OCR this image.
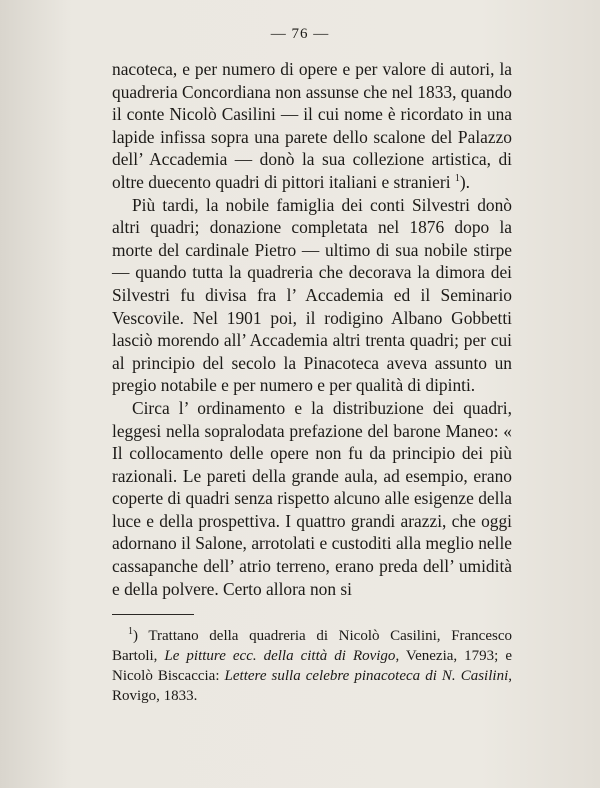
— 76 —

nacoteca, e per numero di opere e per valore di autori, la quadreria Concordiana non assunse che nel 1833, quando il conte Nicolò Casilini — il cui nome è ricordato in una lapide infissa sopra una parete dello scalone del Palazzo dell’ Accademia — donò la sua collezione artistica, di oltre duecento quadri di pittori italiani e stranieri $^1$).

Più tardi, la nobile famiglia dei conti Silvestri donò altri quadri; donazione completata nel 1876 dopo la morte del cardinale Pietro — ultimo di sua nobile stirpe — quando tutta la quadreria che decorava la dimora dei Silvestri fu divisa fra l’ Accademia ed il Seminario Vescovile. Nel 1901 poi, il rodigino Albano Gobbetti lasciò morendo all’ Accademia altri trenta quadri; per cui al principio del secolo la Pinacoteca aveva assunto un pregio notabile e per numero e per qualità di dipinti.

Circa l’ ordinamento e la distribuzione dei quadri, leggesi nella sopralodata prefazione del barone Maneo: « Il collocamento delle opere non fu da principio dei più razionali. Le pareti della grande aula, ad esempio, erano coperte di quadri senza rispetto alcuno alle esigenze della luce e della prospettiva. I quattro grandi arazzi, che oggi adornano il Salone, arrotolati e custoditi alla meglio nelle cassapanche dell’ atrio terreno, erano preda dell’ umidità e della polvere. Certo allora non si

$^1$) Trattano della quadreria di Nicolò Casilini, Francesco Bartoli, Le pitture ecc. della città di Rovigo, Venezia, 1793; e Nicolò Biscaccia: Lettere sulla celebre pinacoteca di N. Casilini, Rovigo, 1833.
